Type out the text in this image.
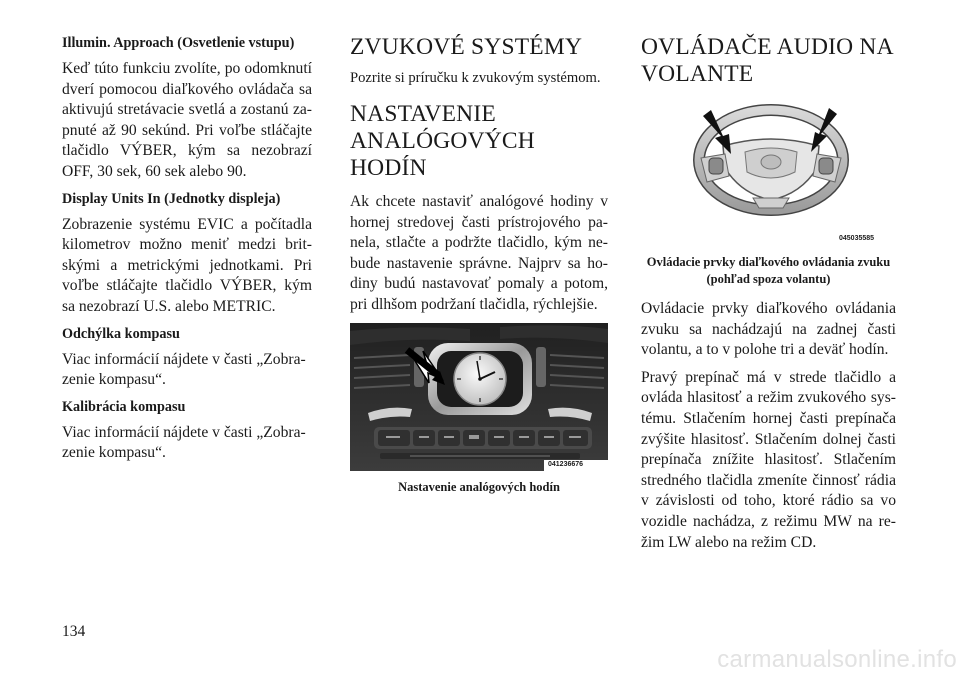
Illumin. Approach (Osvetlenie vstupu)
Keď túto funkciu zvolíte, po odomknutí dverí pomocou diaľkového ovládača sa aktivujú stretávacie svetlá a zostanú zapnuté až 90 sekúnd. Pri voľbe stláčajte tlačidlo VÝBER, kým sa nezobrazí OFF, 30 sek, 60 sek alebo 90.
Display Units In (Jednotky displeja)
Zobrazenie systému EVIC a počítadla kilometrov možno meniť medzi britskými a metrickými jednotkami. Pri voľbe stláčajte tlačidlo VÝBER, kým sa nezobrazí U.S. alebo METRIC.
Odchýlka kompasu
Viac informácií nájdete v časti „Zobrazenie kompasu“.
Kalibrácia kompasu
Viac informácií nájdete v časti „Zobrazenie kompasu“.
ZVUKOVÉ SYSTÉMY
Pozrite si príručku k zvukovým systémom.
NASTAVENIE ANALÓGOVÝCH HODÍN
Ak chcete nastaviť analógové hodiny v hornej stredovej časti prístrojového panela, stlačte a podržte tlačidlo, kým nebude nastavenie správne. Najprv sa hodiny budú nastavovať pomaly a potom, pri dlhšom podržaní tlačidla, rýchlejšie.
041236676
Nastavenie analógových hodín
OVLÁDAČE AUDIO NA VOLANTE
045035585
Ovládacie prvky diaľkového ovládania zvuku (pohľad spoza volantu)
Ovládacie prvky diaľkového ovládania zvuku sa nachádzajú na zadnej časti volantu, a to v polohe tri a deväť hodín.
Pravý prepínač má v strede tlačidlo a ovláda hlasitosť a režim zvukového systému. Stlačením hornej časti prepínača zvýšite hlasitosť. Stlačením dolnej časti prepínača znížite hlasitosť. Stlačením stredného tlačidla zmeníte činnosť rádia v závislosti od toho, ktoré rádio sa vo vozidle nachádza, z režimu MW na režim LW alebo na režim CD.
134
carmanualsonline.info
